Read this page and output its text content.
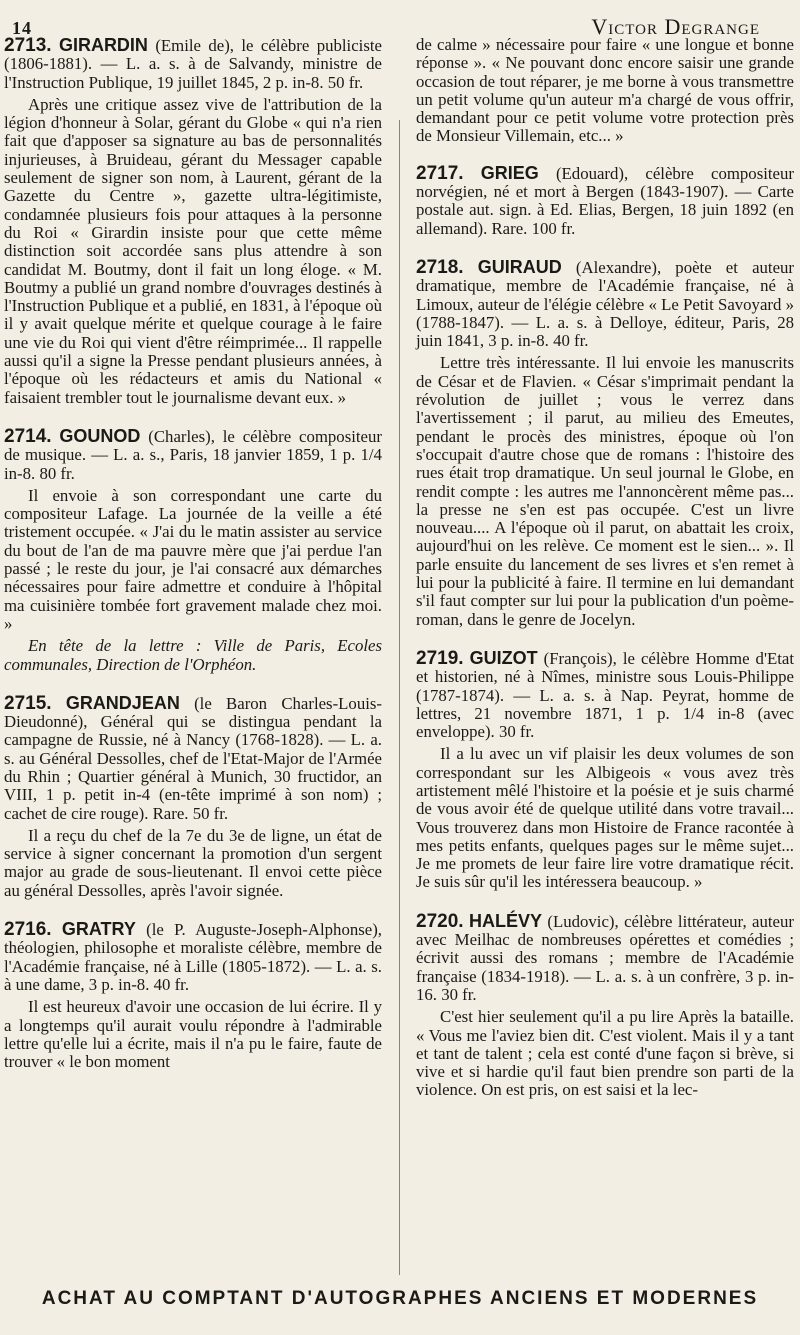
14	Victor Degrange

2713. GIRARDIN (Emile de), le célèbre publiciste (1806-1881). — L. a. s. à de Salvandy, ministre de l'Instruction Publique, 19 juillet 1845, 2 p. in-8. 50 fr.

Après une critique assez vive de l'attribution de la légion d'honneur à Solar, gérant du Globe « qui n'a rien fait que d'apposer sa signature au bas de personnalités injurieuses, à Bruideau, gérant du Messager capable seulement de signer son nom, à Laurent, gérant de la Gazette du Centre », gazette ultra-légitimiste, condamnée plusieurs fois pour attaques à la personne du Roi « Girardin insiste pour que cette même distinction soit accordée sans plus attendre à son candidat M. Boutmy, dont il fait un long éloge. « M. Boutmy a publié un grand nombre d'ouvrages destinés à l'Instruction Publique et a publié, en 1831, à l'époque où il y avait quelque mérite et quelque courage à le faire une vie du Roi qui vient d'être réimprimée... Il rappelle aussi qu'il a signe la Presse pendant plusieurs années, à l'époque où les rédacteurs et amis du National « faisaient trembler tout le journalisme devant eux. »

2714. GOUNOD (Charles), le célèbre compositeur de musique. — L. a. s., Paris, 18 janvier 1859, 1 p. 1/4 in-8. 80 fr.

Il envoie à son correspondant une carte du compositeur Lafage. La journée de la veille a été tristement occupée. « J'ai du le matin assister au service du bout de l'an de ma pauvre mère que j'ai perdue l'an passé ; le reste du jour, je l'ai consacré aux démarches nécessaires pour faire admettre et conduire à l'hôpital ma cuisinière tombée fort gravement malade chez moi. »

En tête de la lettre : Ville de Paris, Ecoles communales, Direction de l'Orphéon.

2715. GRANDJEAN (le Baron Charles-Louis-Dieudonné), Général qui se distingua pendant la campagne de Russie, né à Nancy (1768-1828). — L. a. s. au Général Dessolles, chef de l'Etat-Major de l'Armée du Rhin ; Quartier général à Munich, 30 fructidor, an VIII, 1 p. petit in-4 (en-tête imprimé à son nom) ; cachet de cire rouge). Rare. 50 fr.

Il a reçu du chef de la 7e du 3e de ligne, un état de service à signer concernant la promotion d'un sergent major au grade de sous-lieutenant. Il envoi cette pièce au général Dessolles, après l'avoir signée.

2716. GRATRY (le P. Auguste-Joseph-Alphonse), théologien, philosophe et moraliste célèbre, membre de l'Académie française, né à Lille (1805-1872). — L. a. s. à une dame, 3 p. in-8. 40 fr.

Il est heureux d'avoir une occasion de lui écrire. Il y a longtemps qu'il aurait voulu répondre à l'admirable lettre qu'elle lui a écrite, mais il n'a pu le faire, faute de trouver « le bon moment

de calme » nécessaire pour faire « une longue et bonne réponse ». « Ne pouvant donc encore saisir une grande occasion de tout réparer, je me borne à vous transmettre un petit volume qu'un auteur m'a chargé de vous offrir, demandant pour ce petit volume votre protection près de Monsieur Villemain, etc... »

2717. GRIEG (Edouard), célèbre compositeur norvégien, né et mort à Bergen (1843-1907). — Carte postale aut. sign. à Ed. Elias, Bergen, 18 juin 1892 (en allemand). Rare. 100 fr.

2718. GUIRAUD (Alexandre), poète et auteur dramatique, membre de l'Académie française, né à Limoux, auteur de l'élégie célèbre « Le Petit Savoyard » (1788-1847). — L. a. s. à Delloye, éditeur, Paris, 28 juin 1841, 3 p. in-8. 40 fr.

Lettre très intéressante. Il lui envoie les manuscrits de César et de Flavien. « César s'imprimait pendant la révolution de juillet ; vous le verrez dans l'avertissement ; il parut, au milieu des Emeutes, pendant le procès des ministres, époque où l'on s'occupait d'autre chose que de romans : l'histoire des rues était trop dramatique. Un seul journal le Globe, en rendit compte : les autres me l'annoncèrent même pas... la presse ne s'en est pas occupée. C'est un livre nouveau.... A l'époque où il parut, on abattait les croix, aujourd'hui on les relève. Ce moment est le sien... ». Il parle ensuite du lancement de ses livres et s'en remet à lui pour la publicité à faire. Il termine en lui demandant s'il faut compter sur lui pour la publication d'un poème-roman, dans le genre de Jocelyn.

2719. GUIZOT (François), le célèbre Homme d'Etat et historien, né à Nîmes, ministre sous Louis-Philippe (1787-1874). — L. a. s. à Nap. Peyrat, homme de lettres, 21 novembre 1871, 1 p. 1/4 in-8 (avec enveloppe). 30 fr.

Il a lu avec un vif plaisir les deux volumes de son correspondant sur les Albigeois « vous avez très artistement mêlé l'histoire et la poésie et je suis charmé de vous avoir été de quelque utilité dans votre travail... Vous trouverez dans mon Histoire de France racontée à mes petits enfants, quelques pages sur le même sujet... Je me promets de leur faire lire votre dramatique récit. Je suis sûr qu'il les intéressera beaucoup. »

2720. HALÉVY (Ludovic), célèbre littérateur, auteur avec Meilhac de nombreuses opérettes et comédies ; écrivit aussi des romans ; membre de l'Académie française (1834-1918). — L. a. s. à un confrère, 3 p. in-16. 30 fr.

C'est hier seulement qu'il a pu lire Après la bataille. « Vous me l'aviez bien dit. C'est violent. Mais il y a tant et tant de talent ; cela est conté d'une façon si brève, si vive et si hardie qu'il faut bien prendre son parti de la violence. On est pris, on est saisi et la lec-

ACHAT AU COMPTANT D'AUTOGRAPHES ANCIENS ET MODERNES
